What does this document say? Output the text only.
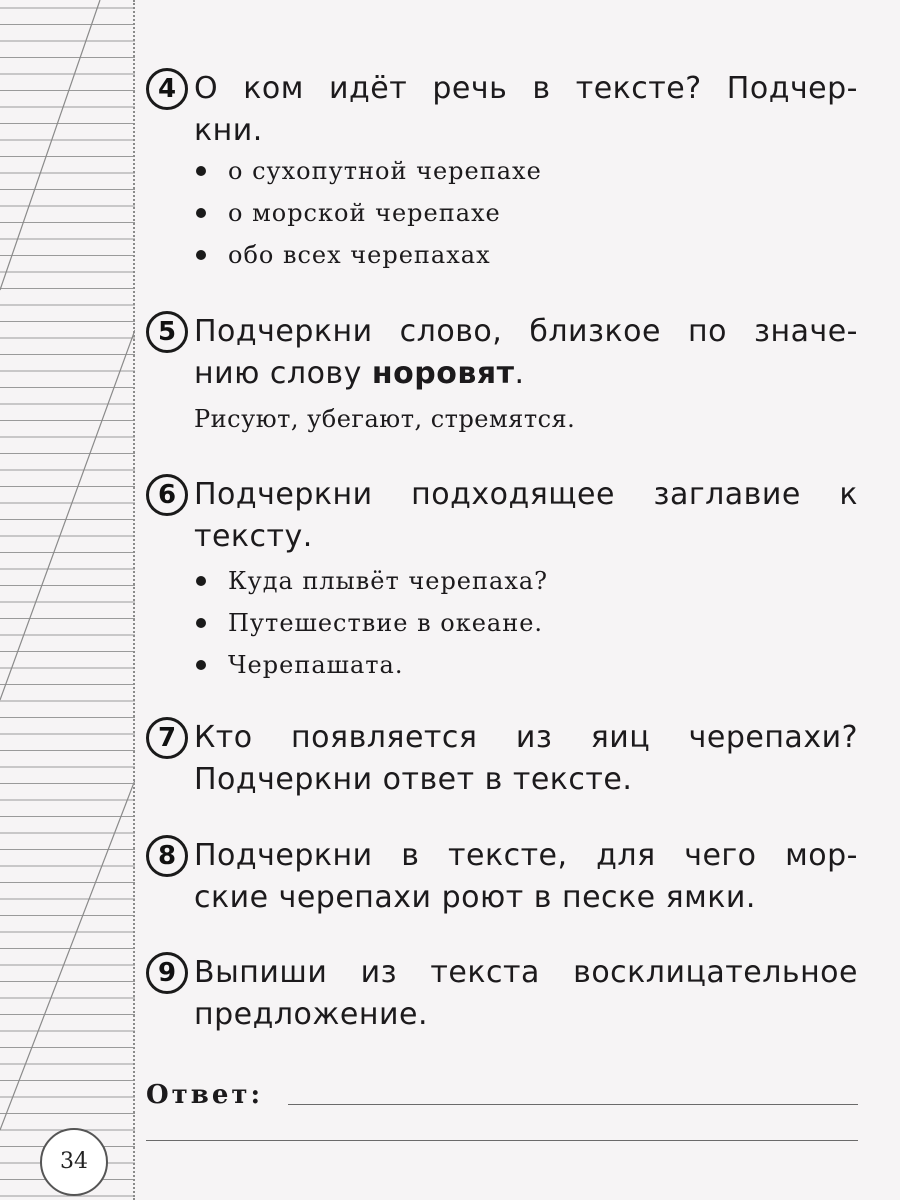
4 О ком идёт речь в тексте? Подчер-
кни.
о сухопутной черепахе
о морской черепахе
обо всех черепахах
5 Подчеркни слово, близкое по значе-
нию слову норовят.
Рисуют, убегают, стремятся.
6 Подчеркни подходящее заглавие к
тексту.
Куда плывёт черепаха?
Путешествие в океане.
Черепашата.
7 Кто появляется из яиц черепахи?
Подчеркни ответ в тексте.
8 Подчеркни в тексте, для чего мор-
ские черепахи роют в песке ямки.
9 Выпиши из текста восклицательное
предложение.
Ответ:
34
